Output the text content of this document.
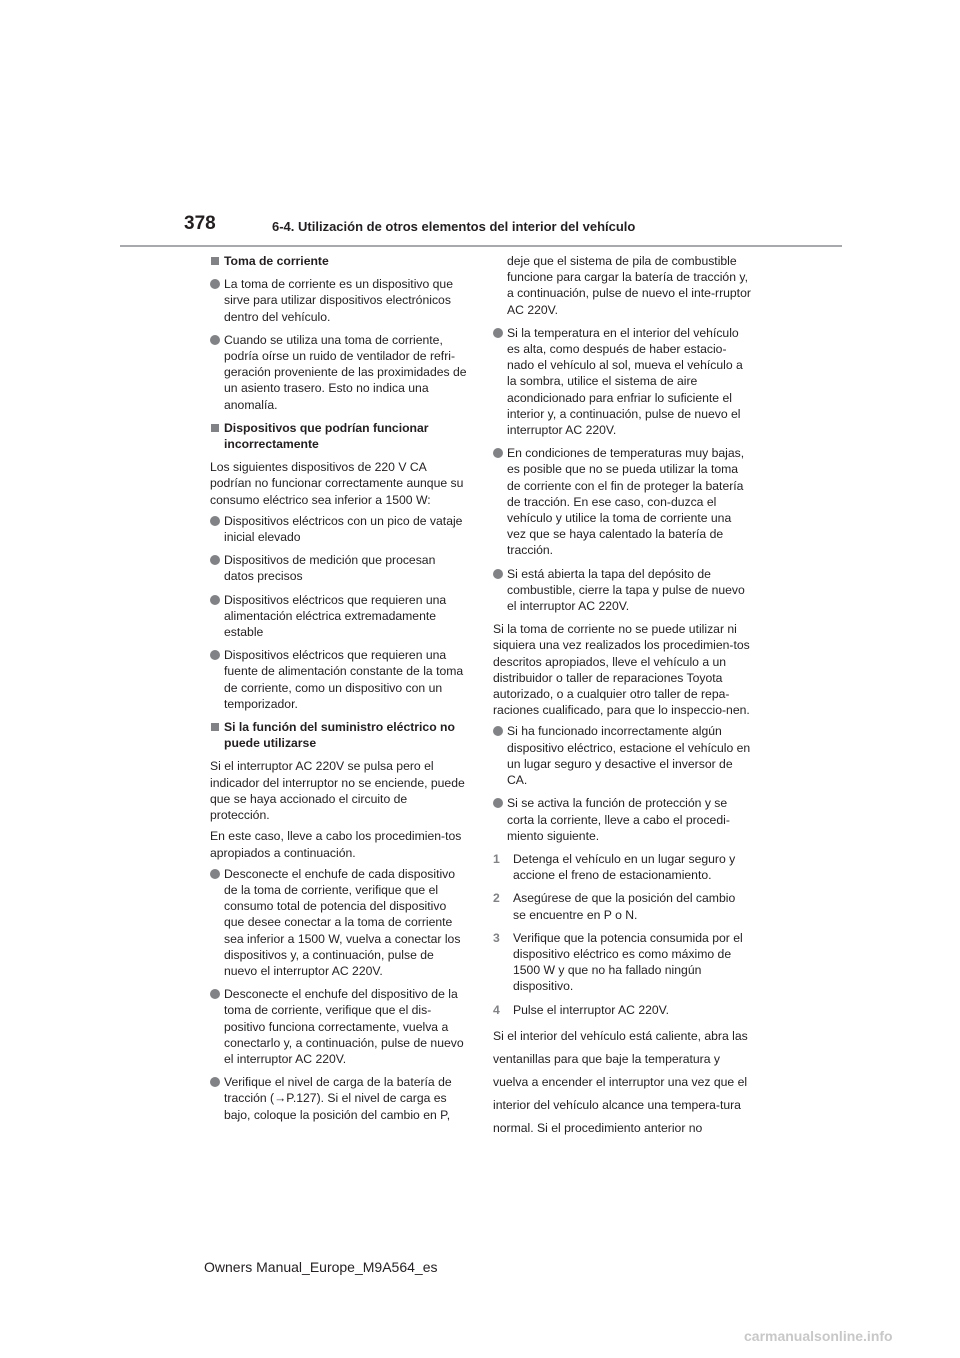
378	6-4. Utilización de otros elementos del interior del vehículo
Toma de corriente
La toma de corriente es un dispositivo que sirve para utilizar dispositivos electrónicos dentro del vehículo.
Cuando se utiliza una toma de corriente, podría oírse un ruido de ventilador de refri-geración proveniente de las proximidades de un asiento trasero. Esto no indica una anomalía.
Dispositivos que podrían funcionar incorrectamente
Los siguientes dispositivos de 220 V CA podrían no funcionar correctamente aunque su consumo eléctrico sea inferior a 1500 W:
Dispositivos eléctricos con un pico de vataje inicial elevado
Dispositivos de medición que procesan datos precisos
Dispositivos eléctricos que requieren una alimentación eléctrica extremadamente estable
Dispositivos eléctricos que requieren una fuente de alimentación constante de la toma de corriente, como un dispositivo con un temporizador.
Si la función del suministro eléctrico no puede utilizarse
Si el interruptor AC 220V se pulsa pero el indicador del interruptor no se enciende, puede que se haya accionado el circuito de protección.
En este caso, lleve a cabo los procedimien-tos apropiados a continuación.
Desconecte el enchufe de cada dispositivo de la toma de corriente, verifique que el consumo total de potencia del dispositivo que desee conectar a la toma de corriente sea inferior a 1500 W, vuelva a conectar los dispositivos y, a continuación, pulse de nuevo el interruptor AC 220V.
Desconecte el enchufe del dispositivo de la toma de corriente, verifique que el dis-positivo funciona correctamente, vuelva a conectarlo y, a continuación, pulse de nuevo el interruptor AC 220V.
Verifique el nivel de carga de la batería de tracción (→P.127). Si el nivel de carga es bajo, coloque la posición del cambio en P,
deje que el sistema de pila de combustible funcione para cargar la batería de tracción y, a continuación, pulse de nuevo el inte-rruptor AC 220V.
Si la temperatura en el interior del vehículo es alta, como después de haber estacio-nado el vehículo al sol, mueva el vehículo a la sombra, utilice el sistema de aire acondicionado para enfriar lo suficiente el interior y, a continuación, pulse de nuevo el interruptor AC 220V.
En condiciones de temperaturas muy bajas, es posible que no se pueda utilizar la toma de corriente con el fin de proteger la batería de tracción. En ese caso, con-duzca el vehículo y utilice la toma de corriente una vez que se haya calentado la batería de tracción.
Si está abierta la tapa del depósito de combustible, cierre la tapa y pulse de nuevo el interruptor AC 220V.
Si la toma de corriente no se puede utilizar ni siquiera una vez realizados los procedimien-tos descritos apropiados, lleve el vehículo a un distribuidor o taller de reparaciones Toyota autorizado, o a cualquier otro taller de repa-raciones cualificado, para que lo inspeccio-nen.
Si ha funcionado incorrectamente algún dispositivo eléctrico, estacione el vehículo en un lugar seguro y desactive el inversor de CA.
Si se activa la función de protección y se corta la corriente, lleve a cabo el procedi-miento siguiente.
1 Detenga el vehículo en un lugar seguro y accione el freno de estacionamiento.
2 Asegúrese de que la posición del cambio se encuentre en P o N.
3 Verifique que la potencia consumida por el dispositivo eléctrico es como máximo de 1500 W y que no ha fallado ningún dispositivo.
4 Pulse el interruptor AC 220V.
Si el interior del vehículo está caliente, abra las ventanillas para que baje la temperatura y vuelva a encender el interruptor una vez que el interior del vehículo alcance una tempera-tura normal. Si el procedimiento anterior no
Owners Manual_Europe_M9A564_es
carmanualsonline.info
